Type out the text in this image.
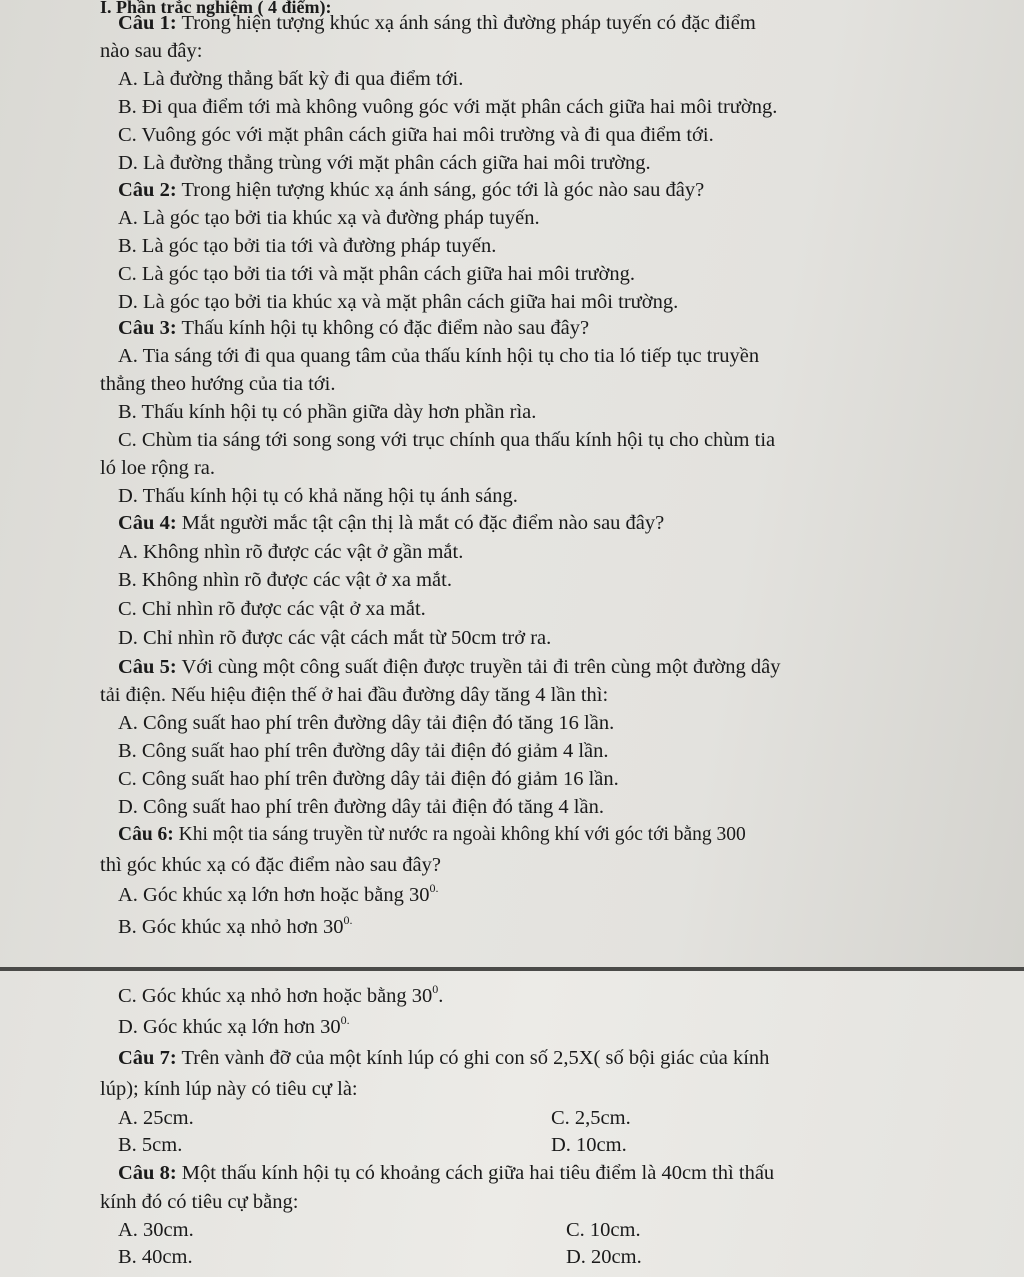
I. Phần trắc nghiệm ( 4 điểm):
Câu 1: Trong hiện tượng khúc xạ ánh sáng thì đường pháp tuyến có đặc điểm
nào sau đây:
A. Là đường thẳng bất kỳ đi qua điểm tới.
B. Đi qua điểm tới mà không vuông góc với mặt phân cách giữa hai môi trường.
C. Vuông góc với mặt phân cách giữa hai môi trường và đi qua điểm tới.
D. Là đường thẳng trùng với mặt phân cách giữa hai môi trường.
Câu 2: Trong hiện tượng khúc xạ ánh sáng, góc tới là góc nào sau đây?
A. Là góc tạo bởi tia khúc xạ và đường pháp tuyến.
B. Là góc tạo bởi tia tới và đường pháp tuyến.
C. Là góc tạo bởi tia tới và mặt phân cách giữa hai môi trường.
D. Là góc tạo bởi tia khúc xạ và mặt phân cách giữa hai môi trường.
Câu 3: Thấu kính hội tụ không có đặc điểm nào sau đây?
A. Tia sáng tới đi qua quang tâm của thấu kính hội tụ cho tia ló tiếp tục truyền
thẳng theo hướng của tia tới.
B. Thấu kính hội tụ có phần giữa dày hơn phần rìa.
C. Chùm tia sáng tới song song với trục chính qua thấu kính hội tụ cho chùm tia
ló loe rộng ra.
D. Thấu kính hội tụ có khả năng hội tụ ánh sáng.
Câu 4: Mắt người mắc tật cận thị là mắt có đặc điểm nào sau đây?
A. Không nhìn rõ được các vật ở gần mắt.
B. Không nhìn rõ được các vật ở xa mắt.
C. Chỉ nhìn rõ được các vật ở xa mắt.
D. Chỉ nhìn rõ được các vật cách mắt từ 50cm trở ra.
Câu 5: Với cùng một công suất điện được truyền tải đi trên cùng một đường dây
tải điện. Nếu hiệu điện thế ở hai đầu đường dây tăng 4 lần thì:
A. Công suất hao phí trên đường dây tải điện đó tăng 16 lần.
B. Công suất hao phí trên đường dây tải điện đó giảm 4 lần.
C. Công suất hao phí trên đường dây tải điện đó giảm 16 lần.
D. Công suất hao phí trên đường dây tải điện đó tăng 4 lần.
Câu 6: Khi một tia sáng truyền từ nước ra ngoài không khí với góc tới bằng 300
thì góc khúc xạ có đặc điểm nào sau đây?
A. Góc khúc xạ lớn hơn hoặc bằng $30^{0.}$
B. Góc khúc xạ nhỏ hơn $30^{0.}$
C. Góc khúc xạ nhỏ hơn hoặc bằng $30^0$.
D. Góc khúc xạ lớn hơn $30^{0.}$
Câu 7: Trên vành đỡ của một kính lúp có ghi con số 2,5X( số bội giác của kính
lúp); kính lúp này có tiêu cự là:
A. 25cm.	C. 2,5cm.
B. 5cm.	D. 10cm.
Câu 8: Một thấu kính hội tụ có khoảng cách giữa hai tiêu điểm là 40cm thì thấu
kính đó có tiêu cự bằng:
A. 30cm.	C. 10cm.
B. 40cm.	D. 20cm.
